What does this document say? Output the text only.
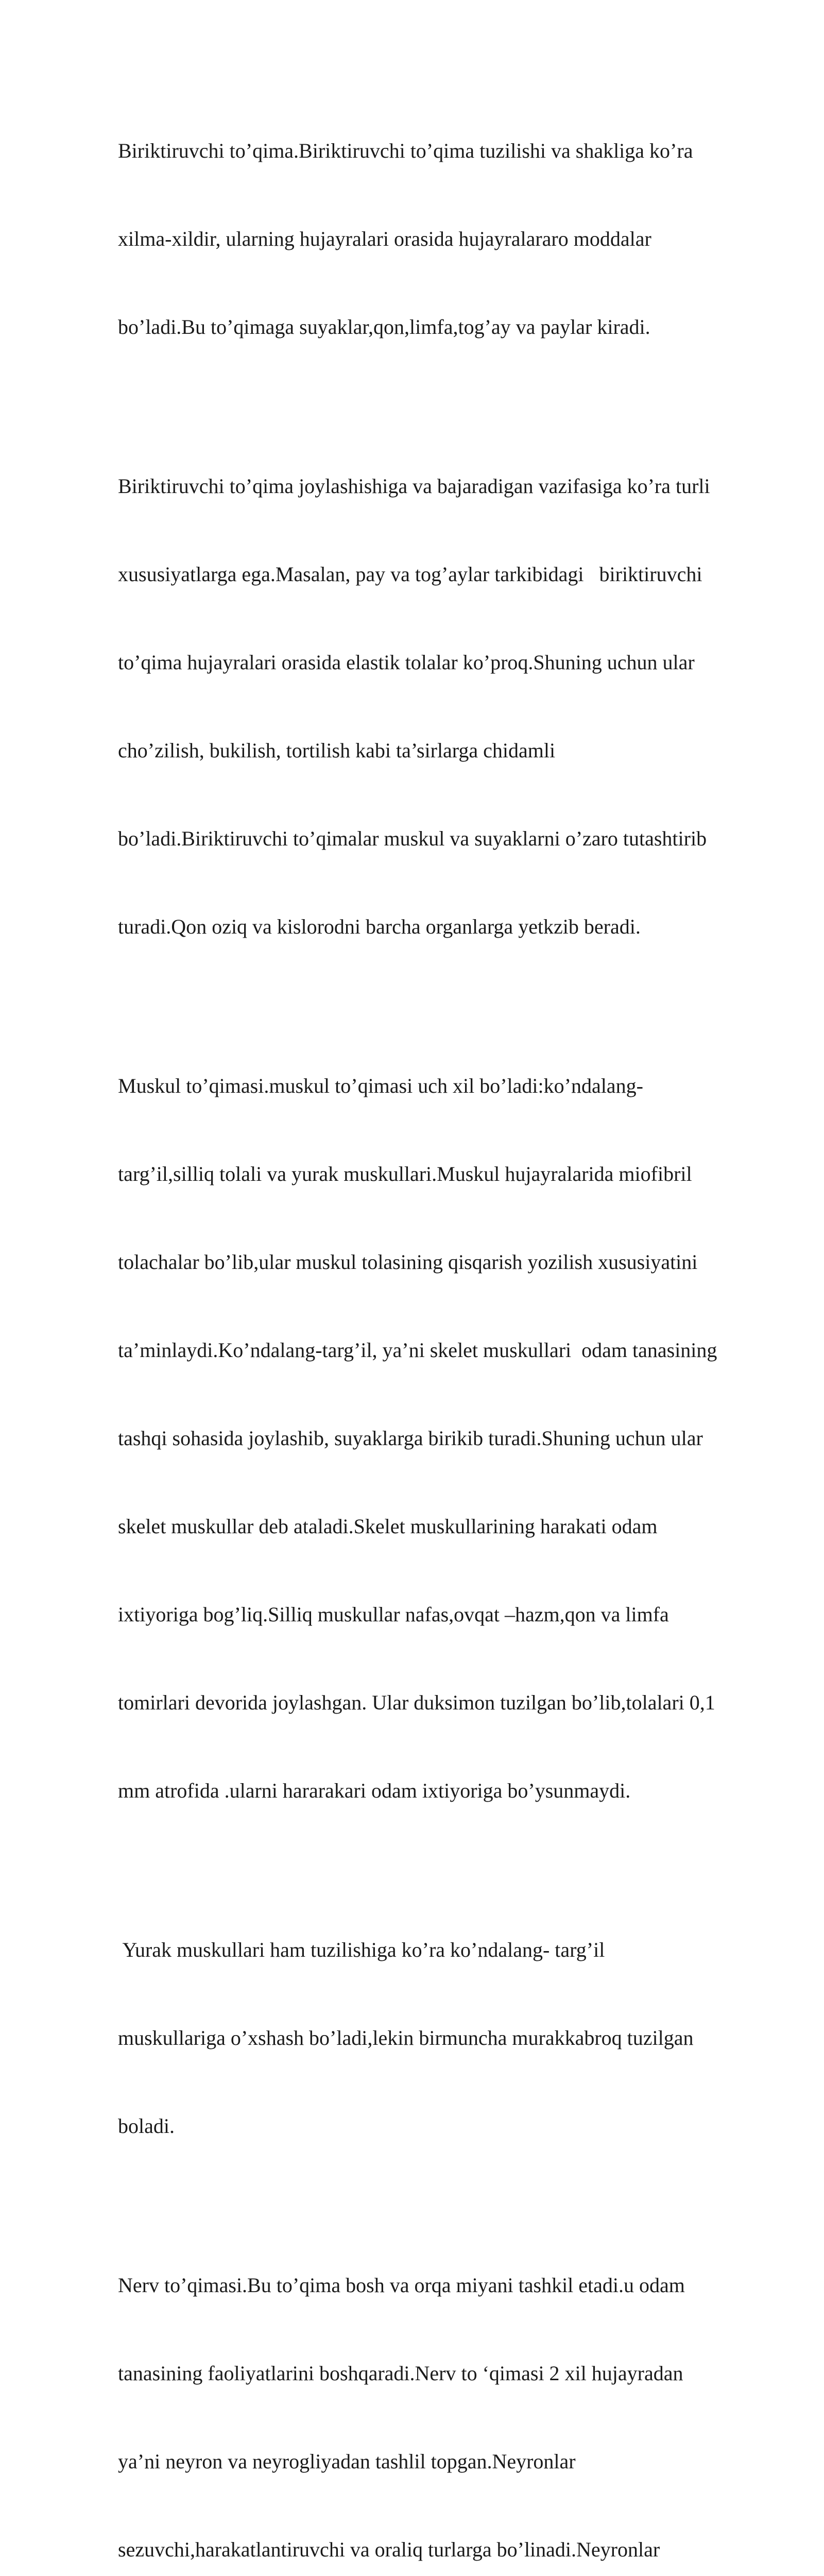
Biriktiruvchi to’qima.Biriktiruvchi to’qima tuzilishi va shakliga ko’ra

xilma-xildir, ularning hujayralari orasida hujayralararo moddalar

bo’ladi.Bu to’qimaga suyaklar,qon,limfa,tog’ay va paylar kiradi.

Biriktiruvchi to’qima joylashishiga va bajaradigan vazifasiga ko’ra turli

xususiyatlarga ega.Masalan, pay va tog’aylar tarkibidagi   biriktiruvchi

to’qima hujayralari orasida elastik tolalar ko’proq.Shuning uchun ular

cho’zilish, bukilish, tortilish kabi ta’sirlarga chidamli

bo’ladi.Biriktiruvchi to’qimalar muskul va suyaklarni o’zaro tutashtirib

turadi.Qon oziq va kislorodni barcha organlarga yetkzib beradi.

Muskul to’qimasi.muskul to’qimasi uch xil bo’ladi:ko’ndalang-

targ’il,silliq tolali va yurak muskullari.Muskul hujayralarida miofibril

tolachalar bo’lib,ular muskul tolasining qisqarish yozilish xususiyatini

ta’minlaydi.Ko’ndalang-targ’il, ya’ni skelet muskullari  odam tanasining

tashqi sohasida joylashib, suyaklarga birikib turadi.Shuning uchun ular

skelet muskullar deb ataladi.Skelet muskullarining harakati odam

ixtiyoriga bog’liq.Silliq muskullar nafas,ovqat –hazm,qon va limfa

tomirlari devorida joylashgan. Ular duksimon tuzilgan bo’lib,tolalari 0,1

mm atrofida .ularni hararakari odam ixtiyoriga bo’ysunmaydi.

Yurak muskullari ham tuzilishiga ko’ra ko’ndalang- targ’il

muskullariga o’xshash bo’ladi,lekin birmuncha murakkabroq tuzilgan

boladi.

Nerv to’qimasi.Bu to’qima bosh va orqa miyani tashkil etadi.u odam

tanasining faoliyatlarini boshqaradi.Nerv to ‘qimasi 2 xil hujayradan

ya’ni neyron va neyrogliyadan tashlil topgan.Neyronlar

sezuvchi,harakatlantiruvchi va oraliq turlarga bo’linadi.Neyronlar
